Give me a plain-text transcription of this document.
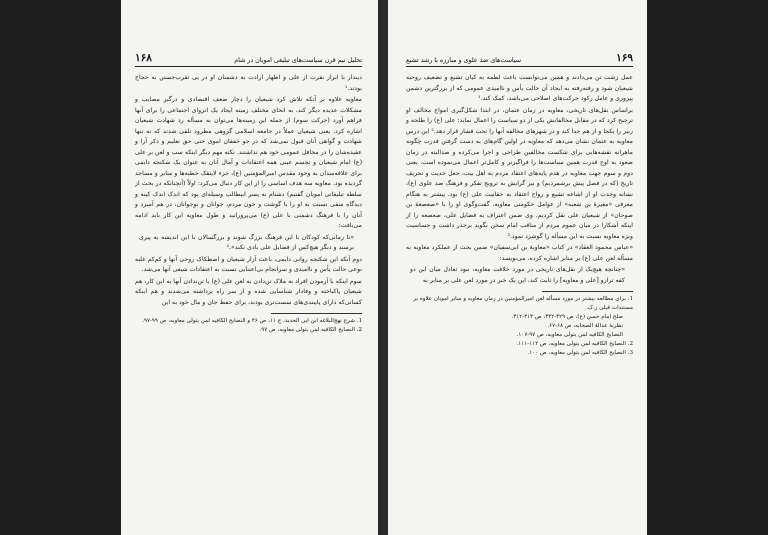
تحلیل نیم قرن سیاست‌های تبلیغی امویان در شام
۱۶۸

دیندار با ابراز نفرت از علی و اظهار ارادت به دشمنان او در پی تقرب‌جستن به حجاج بودند.¹

معاویه علاوه بر آنکه تلاش کرد شیعیان را دچار ضعف اقتصادی و درگیر مصایب و مشکلات عدیده دیگر کند، به انحای مختلف زمینه ایجاد یک انزوای اجتماعی را برای آنها فراهم آورد (حرکت سوم) از جمله این زمینه‌ها می‌توان به مسأله رد شهادت شیعیان اشاره کرد. یعنی شیعیان عملاً در جامعه اسلامی گروهی مطرود تلقی شدند که نه تنها شهادت و گواهی آنان قبول نمی‌شد که در جو خفقان اموی حتی حق تعلیم و ذکر آرا و عقیده‌شان را در محافل عمومی خود هم نداشتند. نکته مهم دیگر اینکه سب و لعن بر علی (ع) امام شیعیان و تجسم عینی همه اعتقادات و آمال آنان به عنوان یک شکنجه دایمی برای علاقه‌مندان به وجود مقدس امیرالمؤمنین (ع)، جزء لاینفک خطبه‌ها و منابر و مساجد گردیده بود. معاویه سه هدف اساسی را از این کار دنبال می‌کرد: اولاً (آنچنانکه در بحث از سلطه تبلیغاتی امویان گفتیم) دشنام به پسر ابیطالب وسیله‌ای بود که اندک اندک کینه و دیدگاه منفی نسبت به او را با گوشت و خون مردم، جوانان و نوجوانان، در هم آمیزد و آنان را با فرهنگ دشمنی با علی (ع) می‌پرورانید و طول معاویه این کار باید ادامه می‌یافت:

«تا زمانی‌که کودکان با این فرهنگ بزرگ شوند و بزرگسالان با این اندیشه به پیری برسند و دیگر هیچ‌کس از فضایل علی یادی نکند».²

دوم آنکه این شکنجه روانی دایمی، باعث آزار شیعیان و اصطکاک روحی آنها و کم‌کم غلبه نوعی حالت یأس و ناامیدی و سرانجام بی‌اعتنایی نسبت به اعتقادات شیعی آنها می‌شد.

سوم اینکه با آزمودن افراد به ملاک تن‌دادن به لعن علی (ع) یا تن‌ندادن آنها به این کار، هم شیعیان پاکباخته و وفادار شناسایی شده و از سر راه برداشته می‌شدند و هم اینکه کسانی‌که دارای پایبندی‌های سست‌تری بودند، برای حفظ جان و مال خود به این

1. شرح نهج‌البلاغه ابن ابی الحدید، ج ۱۱، ص ۴۶ و النصایح الکافیه لمن یتولی معاویه، ص ۹۹-۹۷.

2. النصایح الکافیه لمن یتولی معاویه، ص ۹۷.

۱۶۹
سیاست‌های ضد علوی و مبارزه با رشد تشیع

عمل زشت تن می‌دادند و همین می‌توانست باعث لطمه به کیان تشیع و تضعیف روحیه شیعیان شود و رفته‌رفته به ایجاد آن حالت یأس و ناامیدی عمومی که از بزرگترین دشمن پیروزی و عامل رکود حرکت‌های اصلاحی می‌باشد، کمک کند.¹

براساس نقل‌های تاریخی، معاویه در زمان عثمان، در ابتدا شکل‌گیری امواج مخالف او ترجیح کرد که در مقابل مخالفانش یکی از دو سیاست را اعمال نماید: علی (ع) را طلحه و زبیر را یکجا و از هم جدا کند و در شهرهای مخالفه آنها را تحت فشار قرار دهد.² این درس معاویه به عثمان نشان می‌دهد که معاویه در اولین گام‌های به دست گرفتن قدرت چگونه ماهرانه نقشه‌هایی برای شکست مخالفین طراحی و اجرا می‌کرده و صدالبته در زمان صعود به اوج قدرت همین سیاست‌ها را فراگیرتر و کامل‌تر اعمال می‌نموده است. یعنی دوم و سوم جهت معاویه در هدم پایه‌های اعتقاد مردم به اهل بیت، جعل حدیث و تحریف تاریخ (که در فصل پیش برشمردیم) و نیز گرایش به ترویج تفکر و فرهنگ ضد علوی (ع)، نشانه وحدت او از اشاعه تشیع و رواج اعتقاد به حقانیت علی (ع) بود. پیشتر به هنگام معرفی «مغیرهٔ بن شعبه» از عوامل حکومتی معاویه، گفت‌وگوی او را با «صعصعهٔ بن صوحان» از شیعیان علی نقل کردیم. وی ضمن اعتراف به فضایل علی، صعصعه را از اینکه آشکارا در میان عموم مردم از مناقب امام سخن بگوید برحذر داشت و حساسیت ویژه معاویه نسبت به این مسأله را گوشزد نمود.³

«عباس محمود العقاد» در کتاب «معاویهٔ بن ابی‌سفیان» ضمن بحث از عملکرد معاویه به مسأله لعن علی (ع) بر منابر اشاره کرده، می‌نویسد:

«چنانچه هیچ‌یک از نقل‌های تاریخی در مورد خلافت معاویه، نبود تعادل میان این دو کفه ترازو [علی و معاویه] را ثابت کند، این یک خبر در مورد لعن علی بر منابر به

1. برای مطالعه بیشتر در مورد مسأله لعن امیرالمؤمنین در زمان معاویه و سایر امویان علاوه بر مستندات قبلی ر.ک.

صلح امام حسن (ع)، ص ۳۲۹-۳۳۲، ص ۳۱۳-۳۱۲.

نظریهٔ عدالهٔ الصحابه، ص ۶۸-۶۷.

النصایح الکافیه لمن یتولی معاویه، ص ۹۷-۱۰۷.

2. النصایح الکافیه لمن یتولی معاویه، ص ۱۱۲-۱۱۱.

3. النصایح الکافیه لمن یتولی معاویه، ص ۱۰۰.
